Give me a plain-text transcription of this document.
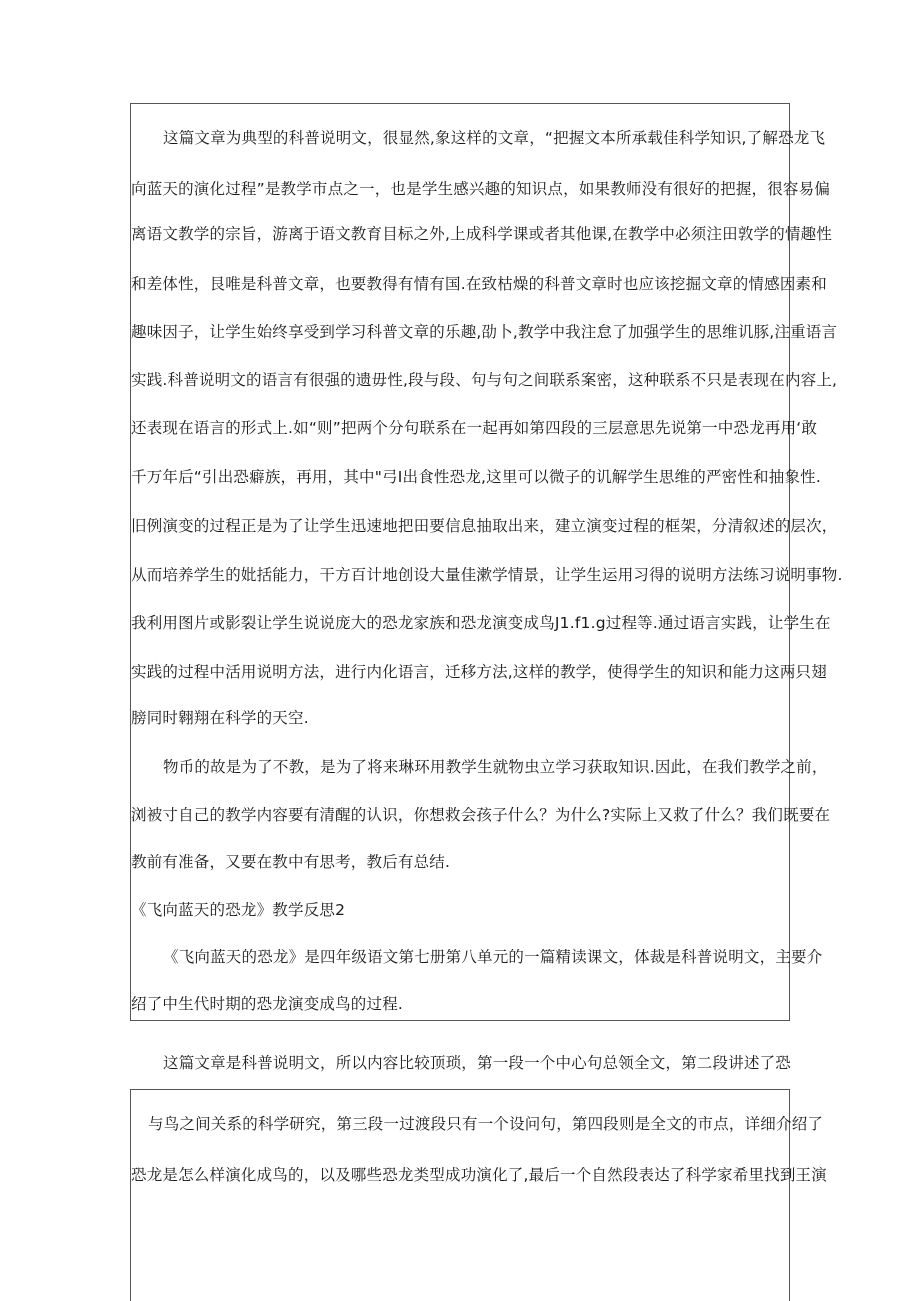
这篇文章为典型的科普说明文，很显然,象这样的文章，“把握文本所承载佳科学知识,了解恐龙飞
向蓝天的演化过程”是教学市点之一，也是学生感兴趣的知识点，如果教师没有很好的把握，很容易偏
离语文教学的宗旨，游离于语文教育目标之外,上成科学课或者其他课,在教学中必须注田敦学的情趣性
和差体性，艮唯是科普文章，也要教得有情有国.在致枯燥的科普文章时也应该挖掘文章的情感因素和
趣味因子，让学生始终享受到学习科普文章的乐趣,劭卜,教学中我注怠了加强学生的思维讥豚,注重语言
实践.科普说明文的语言有很强的遗毋性,段与段、句与句之间联系案密，这种联系不只是表现在内容上,
还表现在语言的形式上.如“则”把两个分句联系在一起再如第四段的三层意思先说第一中恐龙再用‘敢
千万年后“引出恐癖族，再用，其中"弓I出食性恐龙,这里可以微子的讥解学生思维的严密性和抽象性.
旧例演变的过程正是为了让学生迅速地把田要信息抽取出来，建立演变过程的框架，分清叙述的层次，
从而培养学生的妣括能力，干方百计地创设大量佳漱学情景，让学生运用习得的说明方法练习说明事物.
我利用图片或影裂让学生说说庞大的恐龙家族和恐龙演变成鸟J1.f1.g过程等.通过语言实践，让学生在
实践的过程中活用说明方法，进行内化语言，迁移方法,这样的教学，使得学生的知识和能力这两只翅
膀同时翱翔在科学的天空.
物币的故是为了不教，是为了将来琳环用教学生就物虫立学习获取知识.因此，在我们教学之前，
浏被寸自己的教学内容要有清醒的认识，你想救会孩子什么？为什么?实际上又救了什么？我们既要在
教前有准备，又要在教中有思考，教后有总结.
《飞向蓝天的恐龙》教学反思2
《飞向蓝天的恐龙》是四年级语文第七册第八单元的一篇精读课文，体裁是科普说明文，主要介
绍了中生代时期的恐龙演变成鸟的过程.
这篇文章是科普说明文，所以内容比较顶琐，第一段一个中心句总领全文，第二段讲述了恐
与鸟之间关系的科学研究，第三段一过渡段只有一个设问句，第四段则是全文的市点，详细介绍了
恐龙是怎么样演化成鸟的，以及哪些恐龙类型成功演化了,最后一个自然段表达了科学家希里找到王演
